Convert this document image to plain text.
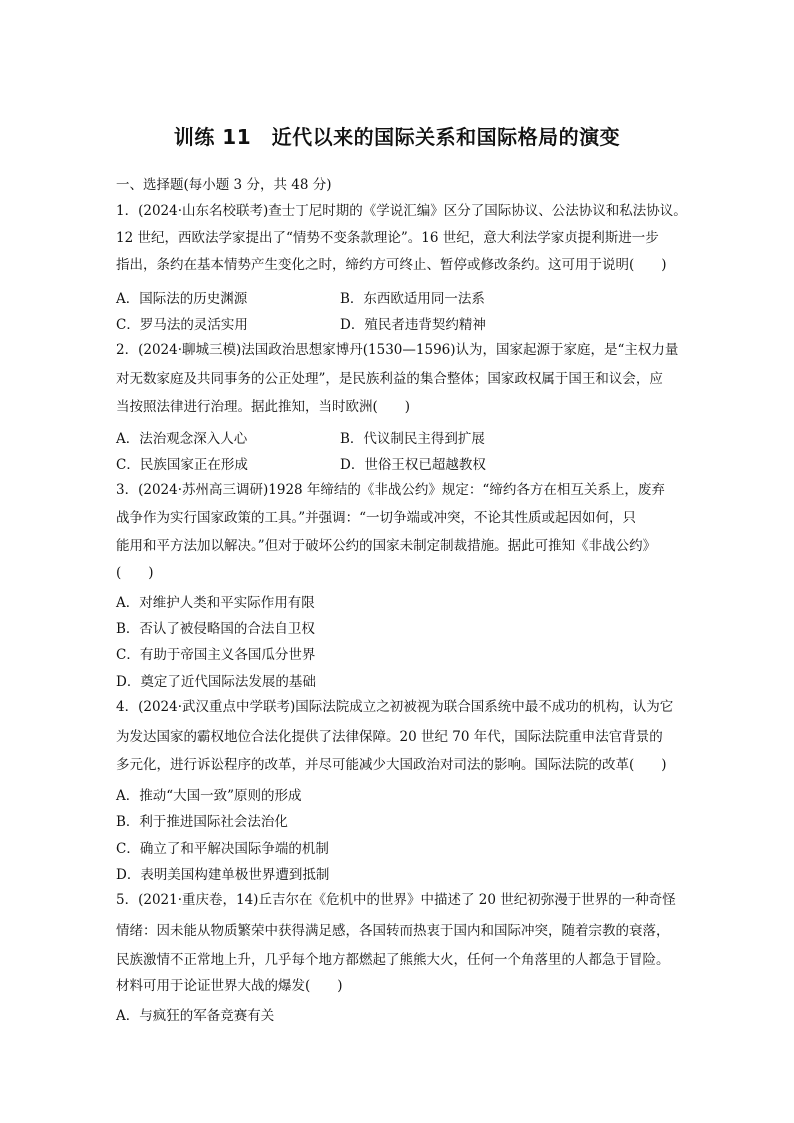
训练 11　近代以来的国际关系和国际格局的演变
一、选择题(每小题 3 分，共 48 分)
1．(2024·山东名校联考)查士丁尼时期的《学说汇编》区分了国际协议、公法协议和私法协议。
12 世纪，西欧法学家提出了“情势不变条款理论”。16 世纪，意大利法学家贞提利斯进一步
指出，条约在基本情势产生变化之时，缔约方可终止、暂停或修改条约。这可用于说明(　　)
A．国际法的历史渊源	B．东西欧适用同一法系
C．罗马法的灵活实用	D．殖民者违背契约精神
2．(2024·聊城三模)法国政治思想家博丹(1530—1596)认为，国家起源于家庭，是“主权力量
对无数家庭及共同事务的公正处理”，是民族利益的集合整体；国家政权属于国王和议会，应
当按照法律进行治理。据此推知，当时欧洲(　　)
A．法治观念深入人心	B．代议制民主得到扩展
C．民族国家正在形成	D．世俗王权已超越教权
3．(2024·苏州高三调研)1928 年缔结的《非战公约》规定：“缔约各方在相互关系上，废弃
战争作为实行国家政策的工具。”并强调：“一切争端或冲突，不论其性质或起因如何，只
能用和平方法加以解决。”但对于破坏公约的国家未制定制裁措施。据此可推知《非战公约》
(　　)
A．对维护人类和平实际作用有限
B．否认了被侵略国的合法自卫权
C．有助于帝国主义各国瓜分世界
D．奠定了近代国际法发展的基础
4．(2024·武汉重点中学联考)国际法院成立之初被视为联合国系统中最不成功的机构，认为它
为发达国家的霸权地位合法化提供了法律保障。20 世纪 70 年代，国际法院重申法官背景的
多元化，进行诉讼程序的改革，并尽可能减少大国政治对司法的影响。国际法院的改革(　　)
A．推动“大国一致”原则的形成
B．利于推进国际社会法治化
C．确立了和平解决国际争端的机制
D．表明美国构建单极世界遭到抵制
5．(2021·重庆卷，14)丘吉尔在《危机中的世界》中描述了 20 世纪初弥漫于世界的一种奇怪
情绪：因未能从物质繁荣中获得满足感，各国转而热衷于国内和国际冲突，随着宗教的衰落，
民族激情不正常地上升，几乎每个地方都燃起了熊熊大火，任何一个角落里的人都急于冒险。
材料可用于论证世界大战的爆发(　　)
A．与疯狂的军备竞赛有关
